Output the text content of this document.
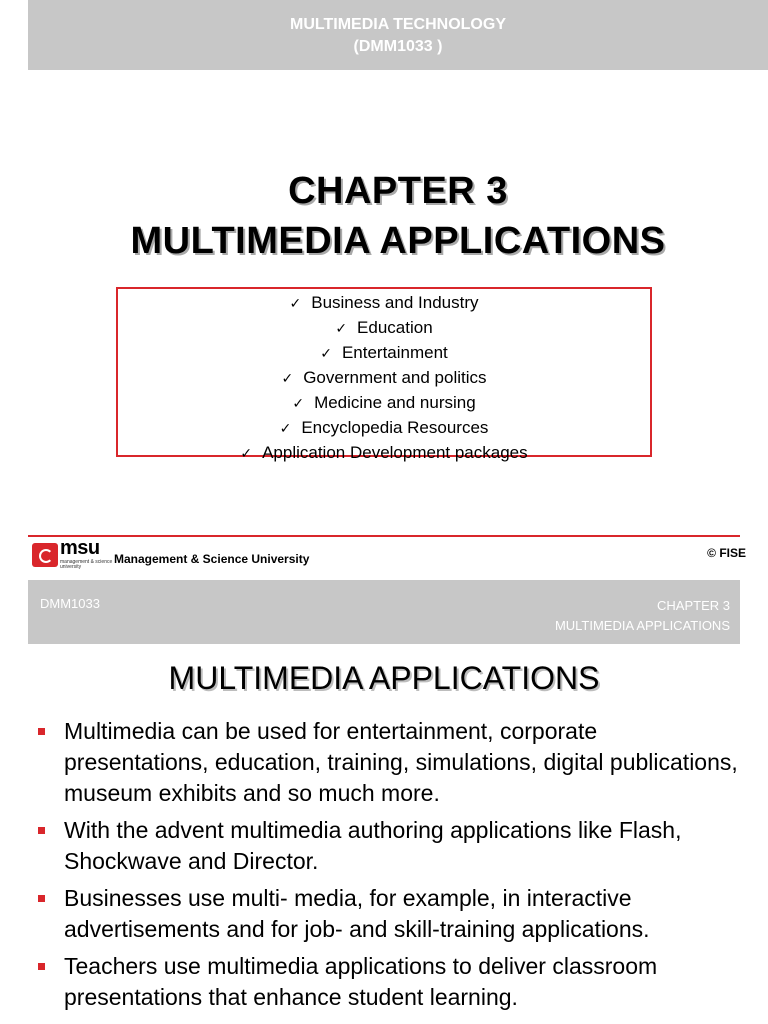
MULTIMEDIA TECHNOLOGY
(DMM1033 )
CHAPTER 3
MULTIMEDIA APPLICATIONS
✓ Business and Industry
✓ Education
✓ Entertainment
✓ Government and politics
✓ Medicine and nursing
✓ Encyclopedia Resources
✓ Application Development packages
msu
management & science university
Management & Science University	© FISE
DMM1033	CHAPTER 3
MULTIMEDIA APPLICATIONS
MULTIMEDIA APPLICATIONS
Multimedia can be used for entertainment, corporate presentations, education, training, simulations, digital publications, museum exhibits and so much more.
With the advent multimedia authoring applications like Flash, Shockwave and Director.
Businesses use multi- media, for example, in interactive advertisements and for job- and skill-training applications.
Teachers use multimedia applications to deliver classroom presentations that enhance student learning.
